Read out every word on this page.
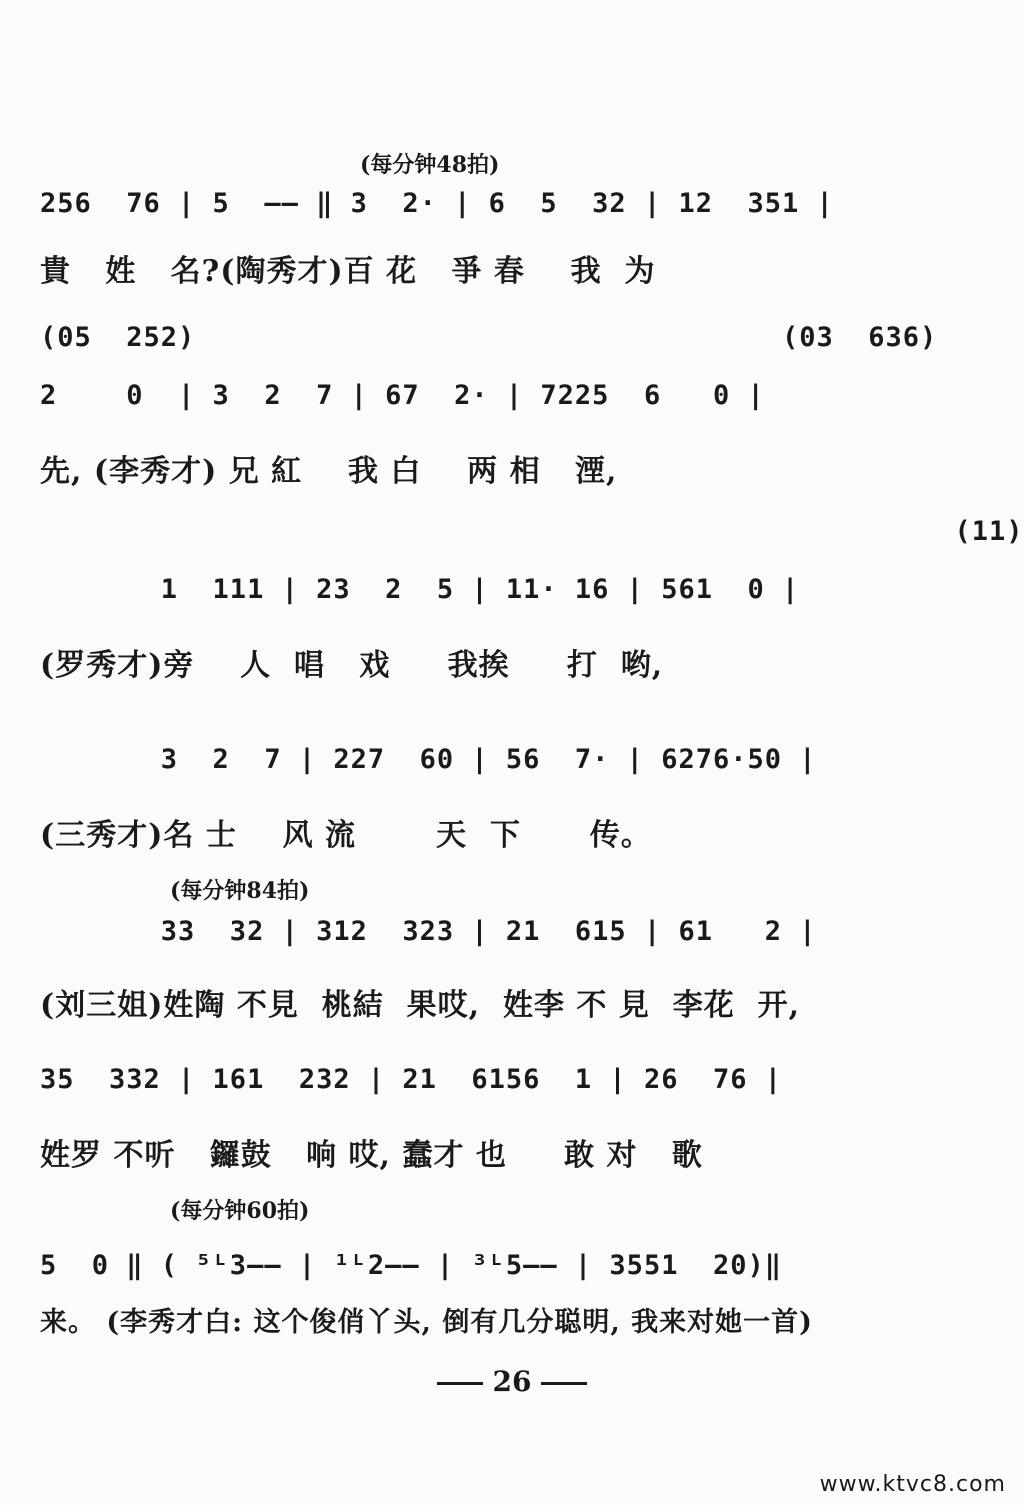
(每分钟48拍)
256  76 | 5  —— ‖ 3  2· | 6  5  32 | 12  351 |
貴   姓   名?(陶秀才)百 花   爭 春    我  为
(05  252)                                  (03  636)
2    0  | 3  2  7 | 67  2· | 7225  6   0 |
先, (李秀才) 兄 紅    我 白    两 相   湮,
(11)
1  111 | 23  2  5 | 11· 16 | 561  0 |
(罗秀才)旁    人  唱   戏     我挨     打  哟,
3  2  7 | 227  60 | 56  7· | 6276·50 |
(三秀才)名 士    风 流       天  下      传。
(每分钟84拍)
33  32 | 312  323 | 21  615 | 61   2 |
(刘三姐)姓陶 不見  桃結  果哎,  姓李 不 見  李花  开,
35  332 | 161  232 | 21  6156  1 | 26  76 |
姓罗 不听   鑼鼓   响 哎, 蠢才 也     敢 对   歌
(每分钟60拍)
5  0 ‖ ( ⁵ᴸ3—— | ¹ᴸ2—— | ³ᴸ5—— | 3551  20)‖
来。 (李秀才白: 这个俊俏丫头, 倒有几分聪明, 我来对她一首)
26
www.ktvc8.com
